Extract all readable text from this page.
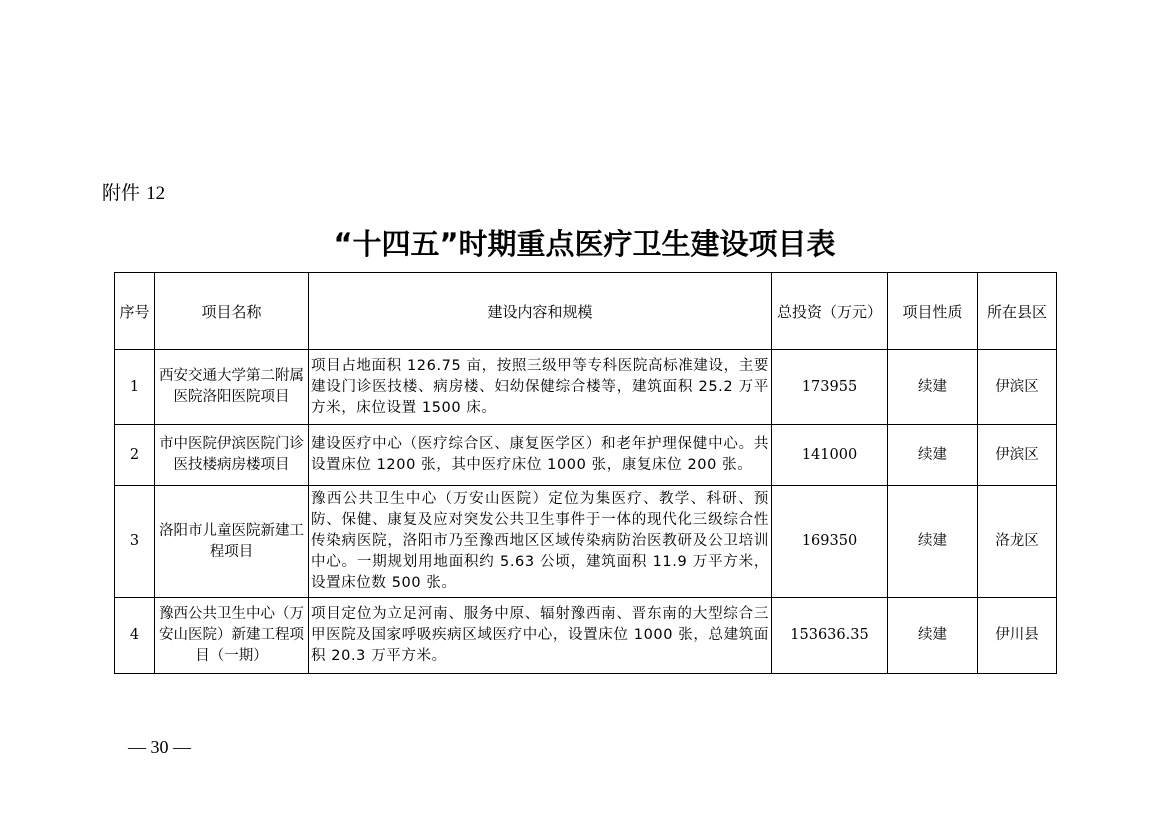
附件 12
“十四五”时期重点医疗卫生建设项目表
序号	项目名称	建设内容和规模	总投资（万元）	项目性质	所在县区
1	西安交通大学第二附属医院洛阳医院项目	项目占地面积 126.75 亩，按照三级甲等专科医院高标准建设，主要建设门诊医技楼、病房楼、妇幼保健综合楼等，建筑面积 25.2 万平方米，床位设置 1500 床。	173955	续建	伊滨区
2	市中医院伊滨医院门诊医技楼病房楼项目	建设医疗中心（医疗综合区、康复医学区）和老年护理保健中心。共设置床位 1200 张，其中医疗床位 1000 张，康复床位 200 张。	141000	续建	伊滨区
3	洛阳市儿童医院新建工程项目	豫西公共卫生中心（万安山医院）定位为集医疗、教学、科研、预防、保健、康复及应对突发公共卫生事件于一体的现代化三级综合性传染病医院，洛阳市乃至豫西地区区域传染病防治医教研及公卫培训中心。一期规划用地面积约 5.63 公顷，建筑面积 11.9 万平方米，设置床位数 500 张。	169350	续建	洛龙区
4	豫西公共卫生中心（万安山医院）新建工程项目（一期）	项目定位为立足河南、服务中原、辐射豫西南、晋东南的大型综合三甲医院及国家呼吸疾病区域医疗中心，设置床位 1000 张，总建筑面积 20.3 万平方米。	153636.35	续建	伊川县
— 30 —
